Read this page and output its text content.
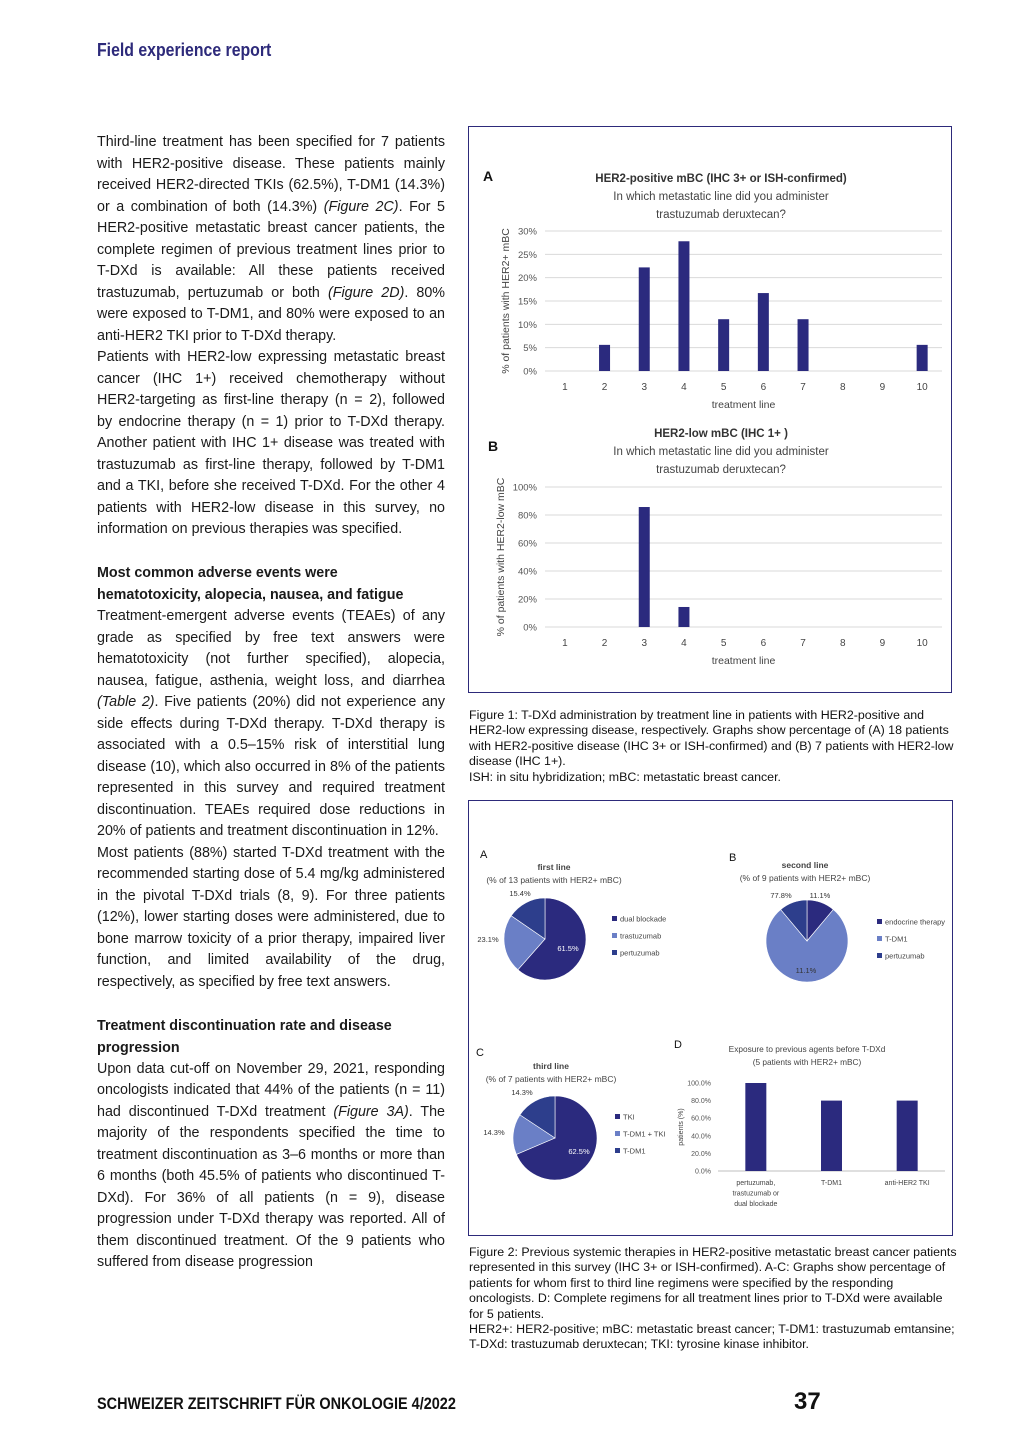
Field experience report

Third-line treatment has been specified for 7 patients with HER2-positive disease. These patients mainly received HER2-directed TKIs (62.5%), T-DM1 (14.3%) or a combination of both (14.3%) (Figure 2C). For 5 HER2-positive metastatic breast cancer patients, the complete regimen of previous treatment lines prior to T-DXd is available: All these patients received trastuzumab, pertuzumab or both (Figure 2D). 80% were exposed to T-DM1, and 80% were exposed to an anti-HER2 TKI prior to T-DXd therapy.

Patients with HER2-low expressing metastatic breast cancer (IHC 1+) received chemotherapy without HER2-targeting as first-line therapy (n = 2), followed by endocrine therapy (n = 1) prior to T-DXd therapy. Another patient with IHC 1+ disease was treated with trastuzumab as first-line therapy, followed by T-DM1 and a TKI, before she received T-DXd. For the other 4 patients with HER2-low disease in this survey, no information on previous therapies was specified.

Most common adverse events were hematotoxicity, alopecia, nausea, and fatigue

Treatment-emergent adverse events (TEAEs) of any grade as specified by free text answers were hematotoxicity (not further specified), alopecia, nausea, fatigue, asthenia, weight loss, and diarrhea (Table 2). Five patients (20%) did not experience any side effects during T-DXd therapy. T-DXd therapy is associated with a 0.5–15% risk of interstitial lung disease (10), which also occurred in 8% of the patients represented in this survey and required treatment discontinuation. TEAEs required dose reductions in 20% of patients and treatment discontinuation in 12%.

Most patients (88%) started T-DXd treatment with the recommended starting dose of 5.4 mg/kg administered in the pivotal T-DXd trials (8, 9). For three patients (12%), lower starting doses were administered, due to bone marrow toxicity of a prior therapy, impaired liver function, and limited availability of the drug, respectively, as specified by free text answers.

Treatment discontinuation rate and disease progression

Upon data cut-off on November 29, 2021, responding oncologists indicated that 44% of the patients (n = 11) had discontinued T-DXd treatment (Figure 3A). The majority of the respondents specified the time to treatment discontinuation as 3–6 months or more than 6 months (both 45.5% of patients who discontinued T-DXd). For 36% of all patients (n = 9), disease progression under T-DXd therapy was reported. All of them discontinued treatment. Of the 9 patients who suffered from disease progression

A	HER2-positive mBC (IHC 3+ or ISH-confirmed)
In which metastatic line did you administer
trastuzumab deruxtecan?
0%
5%
10%
15%
20%
25%
30%
1	2	3	4	5	6	7	8	9	10
treatment line
% of patients with HER2+ mBC
B
HER2-low mBC (IHC 1+ )
In which metastatic line did you administer
trastuzumab deruxtecan?
0%
20%
40%
60%
80%
100%
1	2	3	4	5	6	7	8	9	10
treatment line
% of patients with HER2-low mBC
Figure 1: T-DXd administration by treatment line in patients with HER2-positive and HER2-low expressing disease, respectively. Graphs show percentage of (A) 18 patients with HER2-positive disease (IHC 3+ or ISH-confirmed) and (B) 7 patients with HER2-low disease (IHC 1+).
ISH: in situ hybridization; mBC: metastatic breast cancer.
A
first line
(% of 13 patients with HER2+ mBC)
61.5%
dual blockade
23.1%	trastuzumab
15.4%
pertuzumab
B
second line
(% of 9 patients with HER2+ mBC)
11.1%
endocrine therapy
77.8%
T-DM1
11.1%
pertuzumab
C
third line
(% of 7 patients with HER2+ mBC)
62.5%
TKI
14.3%	T-DM1 + TKI
14.3%
T-DM1
D	Exposure to previous agents before T-DXd
(5 patients with HER2+ mBC)
0.0%
20.0%
40.0%
60.0%
80.0%
100.0%
pertuzumab,
trastuzumab or
dual blockade
T-DM1	anti-HER2 TKI
patients (%)
Figure 2: Previous systemic therapies in HER2-positive metastatic breast cancer patients represented in this survey (IHC 3+ or ISH-confirmed). A-C: Graphs show percentage of patients for whom first to third line regimens were specified by the responding oncologists. D: Complete regimens for all treatment lines prior to T-DXd were available for 5 patients.
HER2+: HER2-positive; mBC: metastatic breast cancer; T-DM1: trastuzumab emtansine; T-DXd: trastuzumab deruxtecan; TKI: tyrosine kinase inhibitor.
SCHWEIZER ZEITSCHRIFT FÜR ONKOLOGIE 4/2022	37
